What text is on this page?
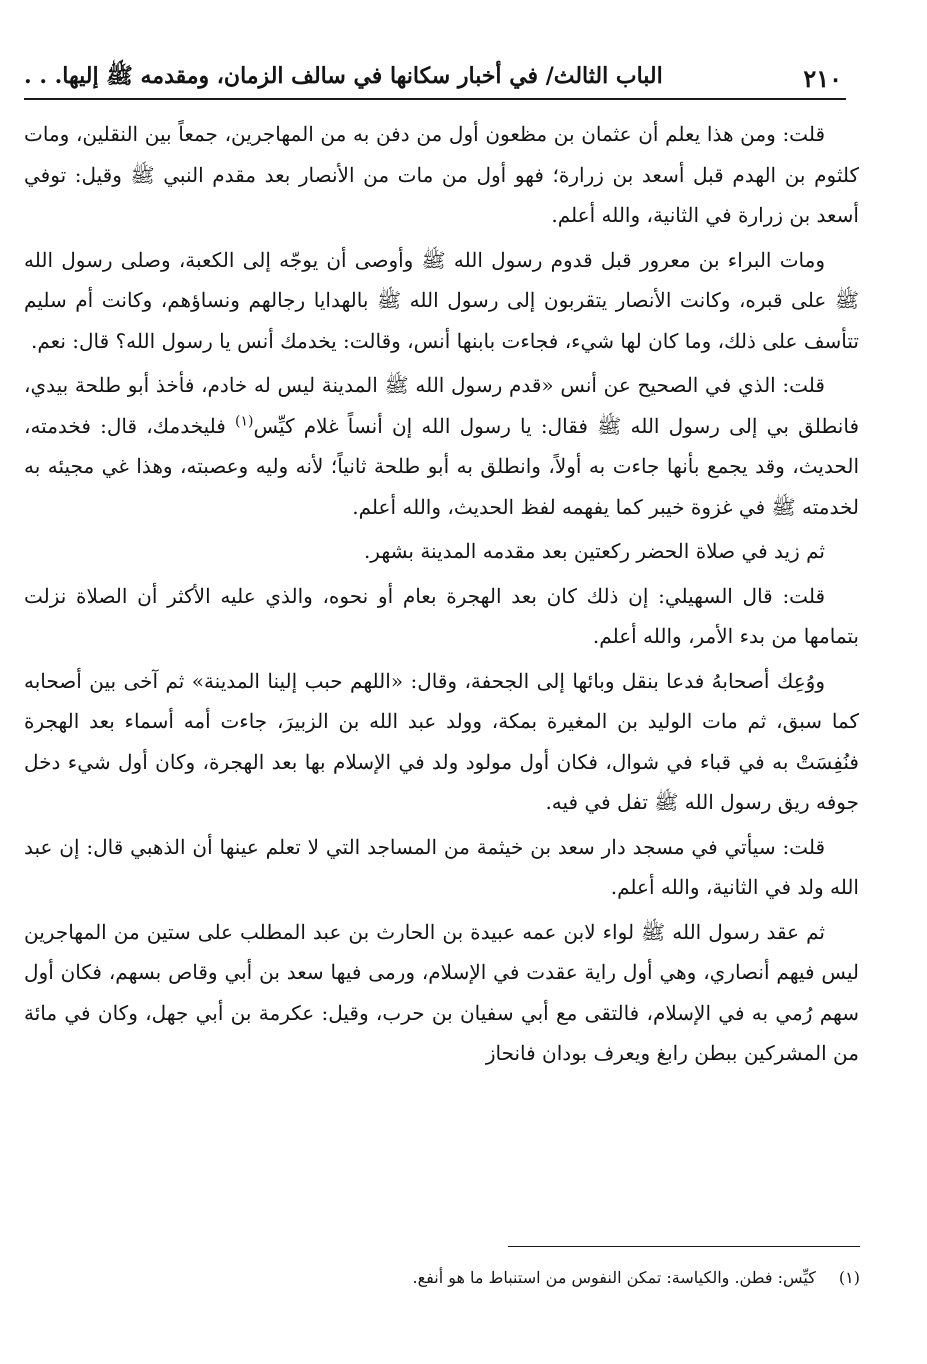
الباب الثالث/ في أخبار سكانها في سالف الزمان، ومقدمه ﷺ إليها. . .	٢١٠

قلت: ومن هذا يعلم أن عثمان بن مظعون أول من دفن به من المهاجرين، جمعاً بين النقلين، ومات كلثوم بن الهدم قبل أسعد بن زرارة؛ فهو أول من مات من الأنصار بعد مقدم النبي ﷺ وقيل: توفي أسعد بن زرارة في الثانية، والله أعلم.

ومات البراء بن معرور قبل قدوم رسول الله ﷺ وأوصى أن يوجّه إلى الكعبة، وصلى رسول الله ﷺ على قبره، وكانت الأنصار يتقربون إلى رسول الله ﷺ بالهدايا رجالهم ونساؤهم، وكانت أم سليم تتأسف على ذلك، وما كان لها شيء، فجاءت بابنها أنس، وقالت: يخدمك أنس يا رسول الله؟ قال: نعم.

قلت: الذي في الصحيح عن أنس «قدم رسول الله ﷺ المدينة ليس له خادم، فأخذ أبو طلحة بيدي، فانطلق بي إلى رسول الله ﷺ فقال: يا رسول الله إن أنساً غلام كيِّس$^{(١)}$ فليخدمك، قال: فخدمته، الحديث، وقد يجمع بأنها جاءت به أولاً، وانطلق به أبو طلحة ثانياً؛ لأنه وليه وعصبته، وهذا غي مجيئه به لخدمته ﷺ في غزوة خيبر كما يفهمه لفظ الحديث، والله أعلم.

ثم زيد في صلاة الحضر ركعتين بعد مقدمه المدينة بشهر.

قلت: قال السهيلي: إن ذلك كان بعد الهجرة بعام أو نحوه، والذي عليه الأكثر أن الصلاة نزلت بتمامها من بدء الأمر، والله أعلم.

ووُعِك أصحابهُ فدعا بنقل وبائها إلى الجحفة، وقال: «اللهم حبب إلينا المدينة» ثم آخى بين أصحابه كما سبق، ثم مات الوليد بن المغيرة بمكة، وولد عبد الله بن الزبيرَ، جاءت أمه أسماء بعد الهجرة فنُفِسَتْ به في قباء في شوال، فكان أول مولود ولد في الإسلام بها بعد الهجرة، وكان أول شيء دخل جوفه ريق رسول الله ﷺ تفل في فيه.

قلت: سيأتي في مسجد دار سعد بن خيثمة من المساجد التي لا تعلم عينها أن الذهبي قال: إن عبد الله ولد في الثانية، والله أعلم.

ثم عقد رسول الله ﷺ لواء لابن عمه عبيدة بن الحارث بن عبد المطلب على ستين من المهاجرين ليس فيهم أنصاري، وهي أول راية عقدت في الإسلام، ورمى فيها سعد بن أبي وقاص بسهم، فكان أول سهم رُمي به في الإسلام، فالتقى مع أبي سفيان بن حرب، وقيل: عكرمة بن أبي جهل، وكان في مائة من المشركين ببطن رابغ ويعرف بودان فانحاز

(١) كيِّس: فطن. والكياسة: تمكن النفوس من استنباط ما هو أنفع.
